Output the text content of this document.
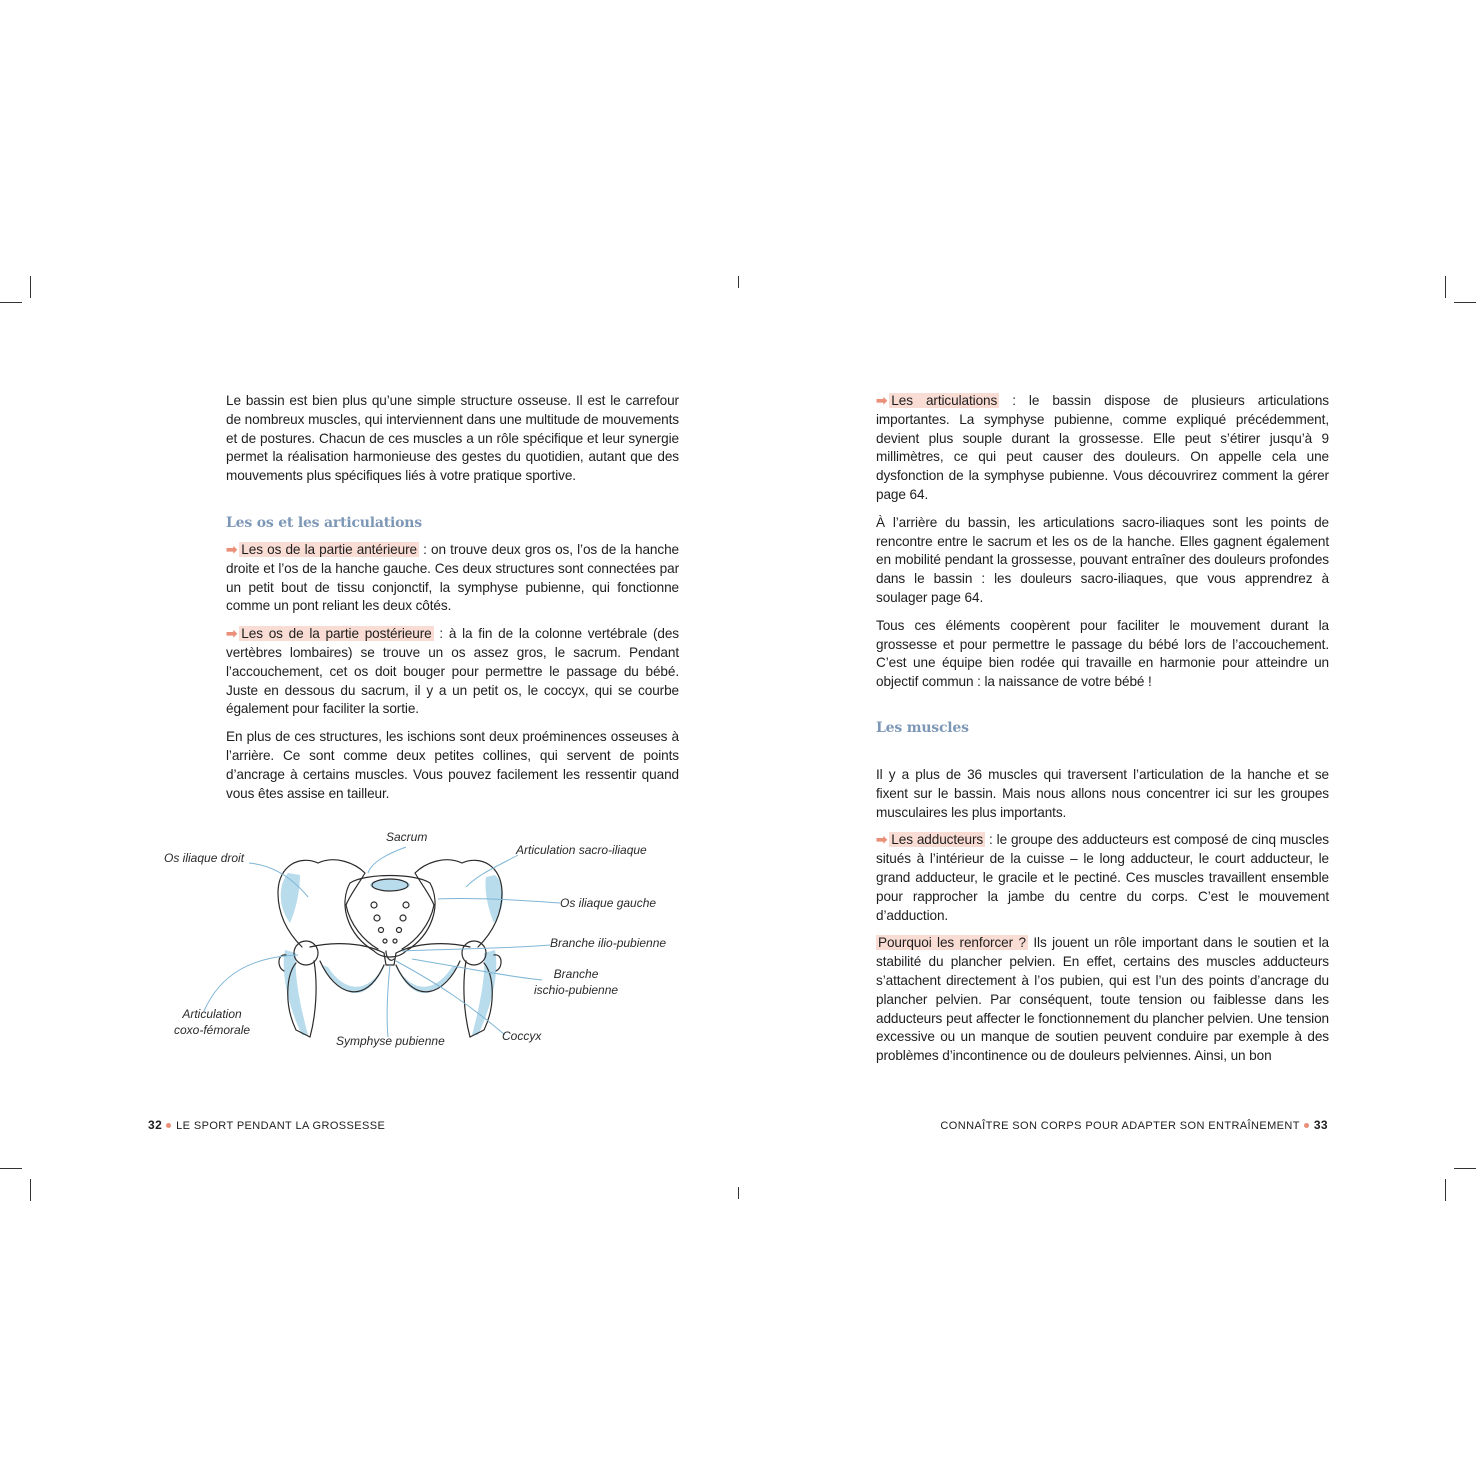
Le bassin est bien plus qu’une simple structure osseuse. Il est le carrefour de nombreux muscles, qui interviennent dans une multitude de mouvements et de postures. Chacun de ces muscles a un rôle spécifique et leur synergie permet la réalisation harmonieuse des gestes du quotidien, autant que des mouvements plus spécifiques liés à votre pratique sportive.

Les os et les articulations

➡ Les os de la partie antérieure : on trouve deux gros os, l’os de la hanche droite et l’os de la hanche gauche. Ces deux structures sont connectées par un petit bout de tissu conjonctif, la symphyse pubienne, qui fonctionne comme un pont reliant les deux côtés.

➡ Les os de la partie postérieure : à la fin de la colonne vertébrale (des vertèbres lombaires) se trouve un os assez gros, le sacrum. Pendant l’accouchement, cet os doit bouger pour permettre le passage du bébé. Juste en dessous du sacrum, il y a un petit os, le coccyx, qui se courbe également pour faciliter la sortie.

En plus de ces structures, les ischions sont deux proéminences osseuses à l’arrière. Ce sont comme deux petites collines, qui servent de points d’ancrage à certains muscles. Vous pouvez facilement les ressentir quand vous êtes assise en tailleur.

Sacrum
Os iliaque droit
Articulation sacro-iliaque
Os iliaque gauche
Branche ilio-pubienne
Branche
ischio-pubienne
Articulation
coxo-fémorale	Coccyx
Symphyse pubienne

➡ Les articulations : le bassin dispose de plusieurs articulations importantes. La symphyse pubienne, comme expliqué précédemment, devient plus souple durant la grossesse. Elle peut s’étirer jusqu’à 9 millimètres, ce qui peut causer des douleurs. On appelle cela une dysfonction de la symphyse pubienne. Vous découvrirez comment la gérer page 64.

À l’arrière du bassin, les articulations sacro-iliaques sont les points de rencontre entre le sacrum et les os de la hanche. Elles gagnent également en mobilité pendant la grossesse, pouvant entraîner des douleurs profondes dans le bassin : les douleurs sacro-iliaques, que vous apprendrez à soulager page 64.

Tous ces éléments coopèrent pour faciliter le mouvement durant la grossesse et pour permettre le passage du bébé lors de l’accouchement. C’est une équipe bien rodée qui travaille en harmonie pour atteindre un objectif commun : la naissance de votre bébé !

Les muscles

Il y a plus de 36 muscles qui traversent l’articulation de la hanche et se fixent sur le bassin. Mais nous allons nous concentrer ici sur les groupes musculaires les plus importants.

➡ Les adducteurs : le groupe des adducteurs est composé de cinq muscles situés à l’intérieur de la cuisse – le long adducteur, le court adducteur, le grand adducteur, le gracile et le pectiné. Ces muscles travaillent ensemble pour rapprocher la jambe du centre du corps. C’est le mouvement d’adduction.

Pourquoi les renforcer ? Ils jouent un rôle important dans le soutien et la stabilité du plancher pelvien. En effet, certains des muscles adducteurs s’attachent directement à l’os pubien, qui est l’un des points d’ancrage du plancher pelvien. Par conséquent, toute tension ou faiblesse dans les adducteurs peut affecter le fonctionnement du plancher pelvien. Une tension excessive ou un manque de soutien peuvent conduire par exemple à des problèmes d’incontinence ou de douleurs pelviennes. Ainsi, un bon

32 LE SPORT PENDANT LA GROSSESSE	CONNAÎTRE SON CORPS POUR ADAPTER SON ENTRAÎNEMENT 33
